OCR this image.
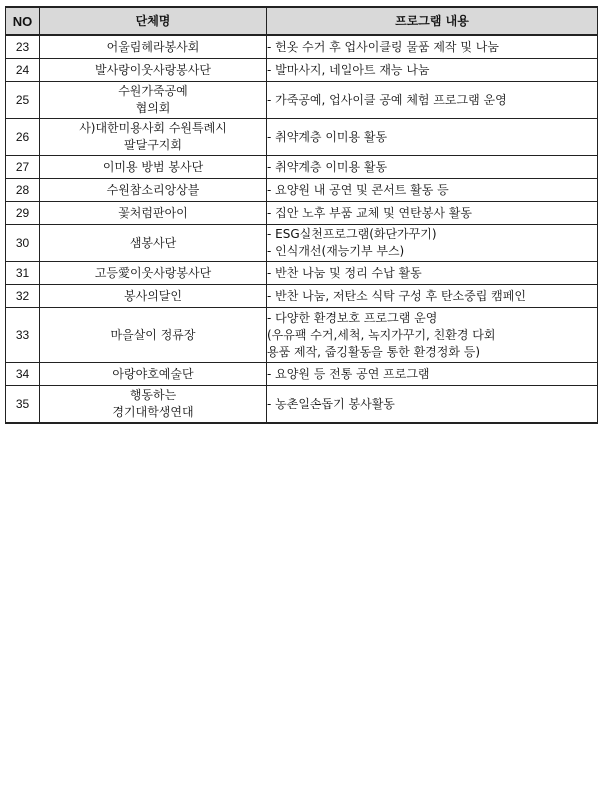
NO	단체명	프로그램 내용
23	어울림헤라봉사회	- 헌옷 수거 후 업사이클링 물품 제작 및 나눔

24	발사랑이웃사랑봉사단	- 발마사지, 네일아트 재능 나눔

25	수원가죽공예
협의회	- 가죽공예, 업사이클 공예 체험 프로그램 운영

26	사)대한미용사회 수원특례시
팔달구지회	- 취약계층 이미용 활동

27	이미용 방범 봉사단	- 취약계층 이미용 활동

28	수원참소리앙상블	- 요양원 내 공연 및 콘서트 활동 등

29	꽃처럼판아이	- 집안 노후 부품 교체 및 연탄봉사 활동

30	샘봉사단	- ESG실천프로그램(화단가꾸기)
- 인식개선(재능기부 부스)

31	고등愛이웃사랑봉사단	- 반찬 나눔 및 정리 수납 활동

32	봉사의달인	- 반찬 나눔, 저탄소 식탁 구성 후 탄소중립 캠페인

33	마을살이 정류장	- 다양한 환경보호 프로그램 운영
(우유팩 수거,세척, 녹지가꾸기, 친환경 다회
용품 제작, 줍깅활동을 통한 환경정화 등)

34	아랑야호예술단	- 요양원 등 전통 공연 프로그램

35	행동하는
경기대학생연대	- 농촌일손돕기 봉사활동
